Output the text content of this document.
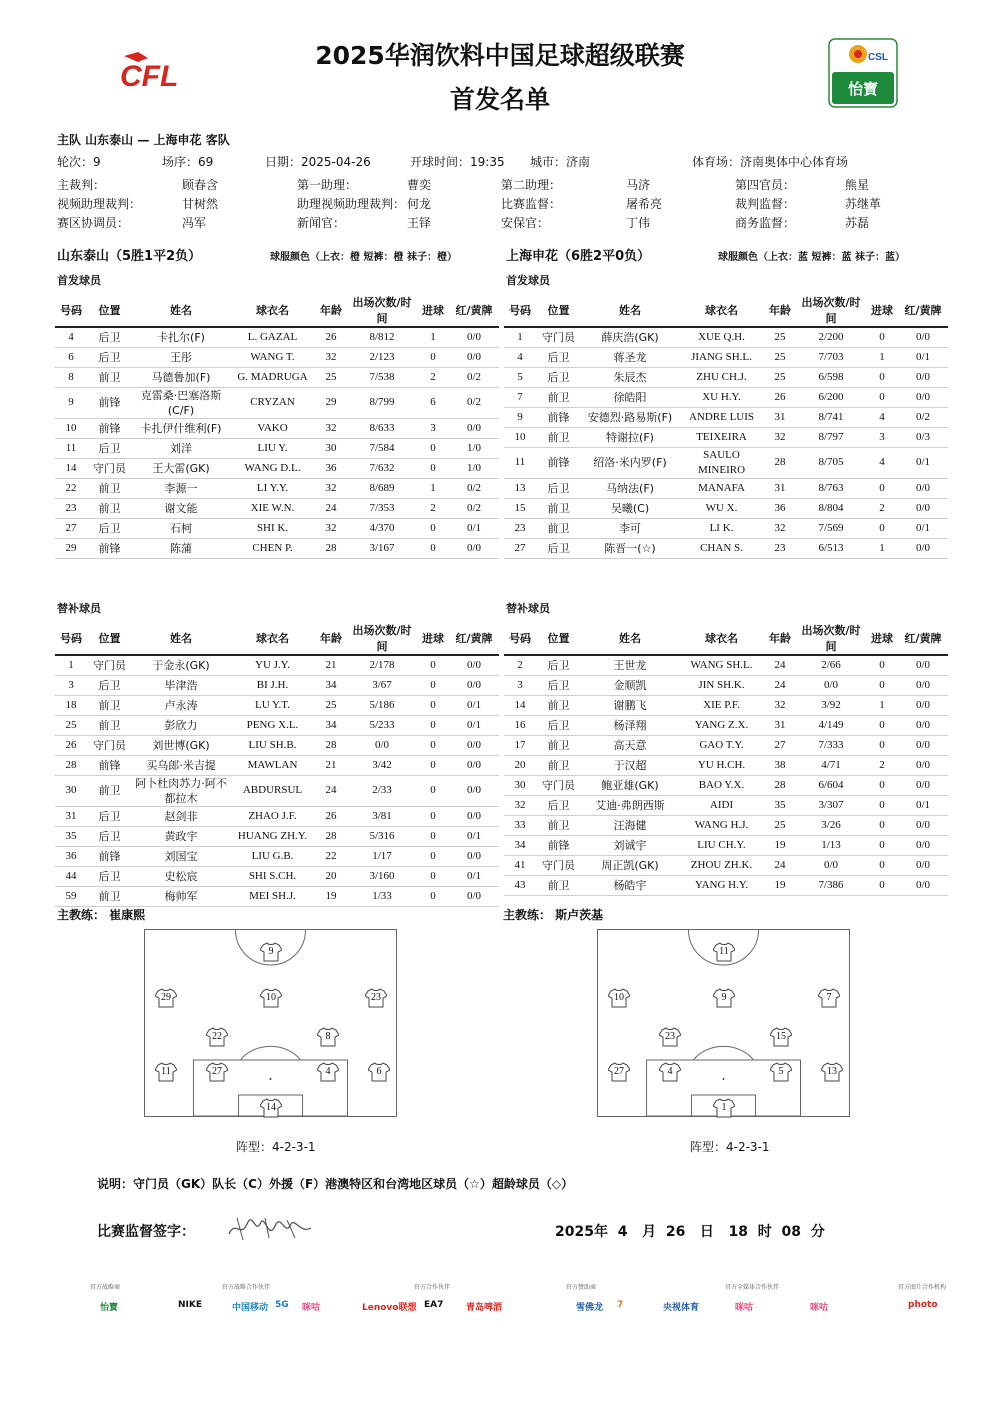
2025华润饮料中国足球超级联赛
首发名单
CFL
CSL
怡寶
主队 山东泰山 — 上海申花 客队
轮次：9	场序：69	日期：2025-04-26	开球时间：19:35 城市：济南	体育场：济南奥体中心体育场
主裁判：	顾春含	第一助理：	曹奕	第二助理：	马济	第四官员：	熊星
视频助理裁判：	甘树然	助理视频助理裁判： 何龙	比赛监督：	屠希亮	裁判监督：	苏继革
赛区协调员：	冯军	新闻官：	王铎	安保官：	丁伟	商务监督：	苏磊
山东泰山（5胜1平2负）	球服颜色（上衣：橙 短裤：橙 袜子：橙）
首发球员
上海申花（6胜2平0负）	球服颜色（上衣：蓝 短裤：蓝 袜子：蓝）
首发球员
号码	位置	姓名	球衣名	年龄	出场次数/时间	进球	红/黄牌
4	后卫	卡扎尔(F)	L. GAZAL	26	8/812	1	0/0
6	后卫	王彤	WANG T.	32	2/123	0	0/0
8	前卫	马德鲁加(F)	G. MADRUGA	25	7/538	2	0/2
9	前锋	克雷桑·巴塞洛斯(C/F)	CRYZAN	29	8/799	6	0/2
10	前锋	卡扎伊什维利(F)	VAKO	32	8/633	3	0/0
11	后卫	刘洋	LIU Y.	30	7/584	0	1/0
14	守门员	王大雷(GK)	WANG D.L.	36	7/632	0	1/0
22	前卫	李源一	LI Y.Y.	32	8/689	1	0/2
23	前卫	谢文能	XIE W.N.	24	7/353	2	0/2
27	后卫	石柯	SHI K.	32	4/370	0	0/1
29	前锋	陈蒲	CHEN P.	28	3/167	0	0/0
号码	位置	姓名	球衣名	年龄	出场次数/时间	进球	红/黄牌
1	守门员	薛庆浩(GK)	XUE Q.H.	25	2/200	0	0/0
4	后卫	蒋圣龙	JIANG SH.L.	25	7/703	1	0/1
5	后卫	朱辰杰	ZHU CH.J.	25	6/598	0	0/0
7	前卫	徐皓阳	XU H.Y.	26	6/200	0	0/0
9	前锋	安德烈·路易斯(F)	ANDRE LUIS	31	8/741	4	0/2
10	前卫	特谢拉(F)	TEIXEIRA	32	8/797	3	0/3
11	前锋	绍洛·米内罗(F)	SAULO MINEIRO	28	8/705	4	0/1
13	后卫	马纳法(F)	MANAFA	31	8/763	0	0/0
15	前卫	吴曦(C)	WU X.	36	8/804	2	0/0
23	前卫	李可	LI K.	32	7/569	0	0/1
27	后卫	陈晋一(☆)	CHAN S.	23	6/513	1	0/0
替补球员	替补球员
号码	位置	姓名	球衣名	年龄	出场次数/时间	进球	红/黄牌
1	守门员	于金永(GK)	YU J.Y.	21	2/178	0	0/0
3	后卫	毕津浩	BI J.H.	34	3/67	0	0/0
18	前卫	卢永涛	LU Y.T.	25	5/186	0	0/1
25	前卫	彭欣力	PENG X.L.	34	5/233	0	0/1
26	守门员	刘世博(GK)	LIU SH.B.	28	0/0	0	0/0
28	前锋	买乌郎·米吉提	MAWLAN	21	3/42	0	0/0
30	前卫	阿卜杜肉苏力·阿不都拉木	ABDURSUL	24	2/33	0	0/0
31	后卫	赵剑非	ZHAO J.F.	26	3/81	0	0/0
35	后卫	黄政宇	HUANG ZH.Y.	28	5/316	0	0/1
36	前锋	刘国宝	LIU G.B.	22	1/17	0	0/0
44	后卫	史松宸	SHI S.CH.	20	3/160	0	0/1
59	前卫	梅帅军	MEI SH.J.	19	1/33	0	0/0
号码	位置	姓名	球衣名	年龄	出场次数/时间	进球	红/黄牌
2	后卫	王世龙	WANG SH.L.	24	2/66	0	0/0
3	后卫	金顺凯	JIN SH.K.	24	0/0	0	0/0
14	前卫	谢鹏飞	XIE P.F.	32	3/92	1	0/0
16	后卫	杨泽翔	YANG Z.X.	31	4/149	0	0/0
17	前卫	高天意	GAO T.Y.	27	7/333	0	0/0
20	前卫	于汉超	YU H.CH.	38	4/71	2	0/0
30	守门员	鲍亚雄(GK)	BAO Y.X.	28	6/604	0	0/0
32	后卫	艾迪·弗朗西斯	AIDI	35	3/307	0	0/1
33	前卫	汪海健	WANG H.J.	25	3/26	0	0/0
34	前锋	刘诚宇	LIU CH.Y.	19	1/13	0	0/0
41	守门员	周正凯(GK)	ZHOU ZH.K.	24	0/0	0	0/0
43	前卫	杨皓宇	YANG H.Y.	19	7/386	0	0/0
主教练： 崔康熙	主教练： 斯卢茨基
9
29	10	23
22	8
11	27	4	6
14
11
10	9	7
23	15
27	4	5	13
1
阵型：4-2-3-1	阵型：4-2-3-1
说明：守门员（GK）队长（C）外援（F）港澳特区和台湾地区球员（☆）超龄球员（◇）
比赛监督签字：	2025年  4   月  26   日   18  时  08  分
官方战略商
怡寶	NIKE
官方战略合作伙伴
中国移动 5G 咪咕	Lenovo联想
官方合作伙伴
EA7	青岛啤酒
官方赞助商
雪佛龙 7	央视体育
官方全媒体合作伙伴
咪咕	咪咕
官方图片合作机构
photo
